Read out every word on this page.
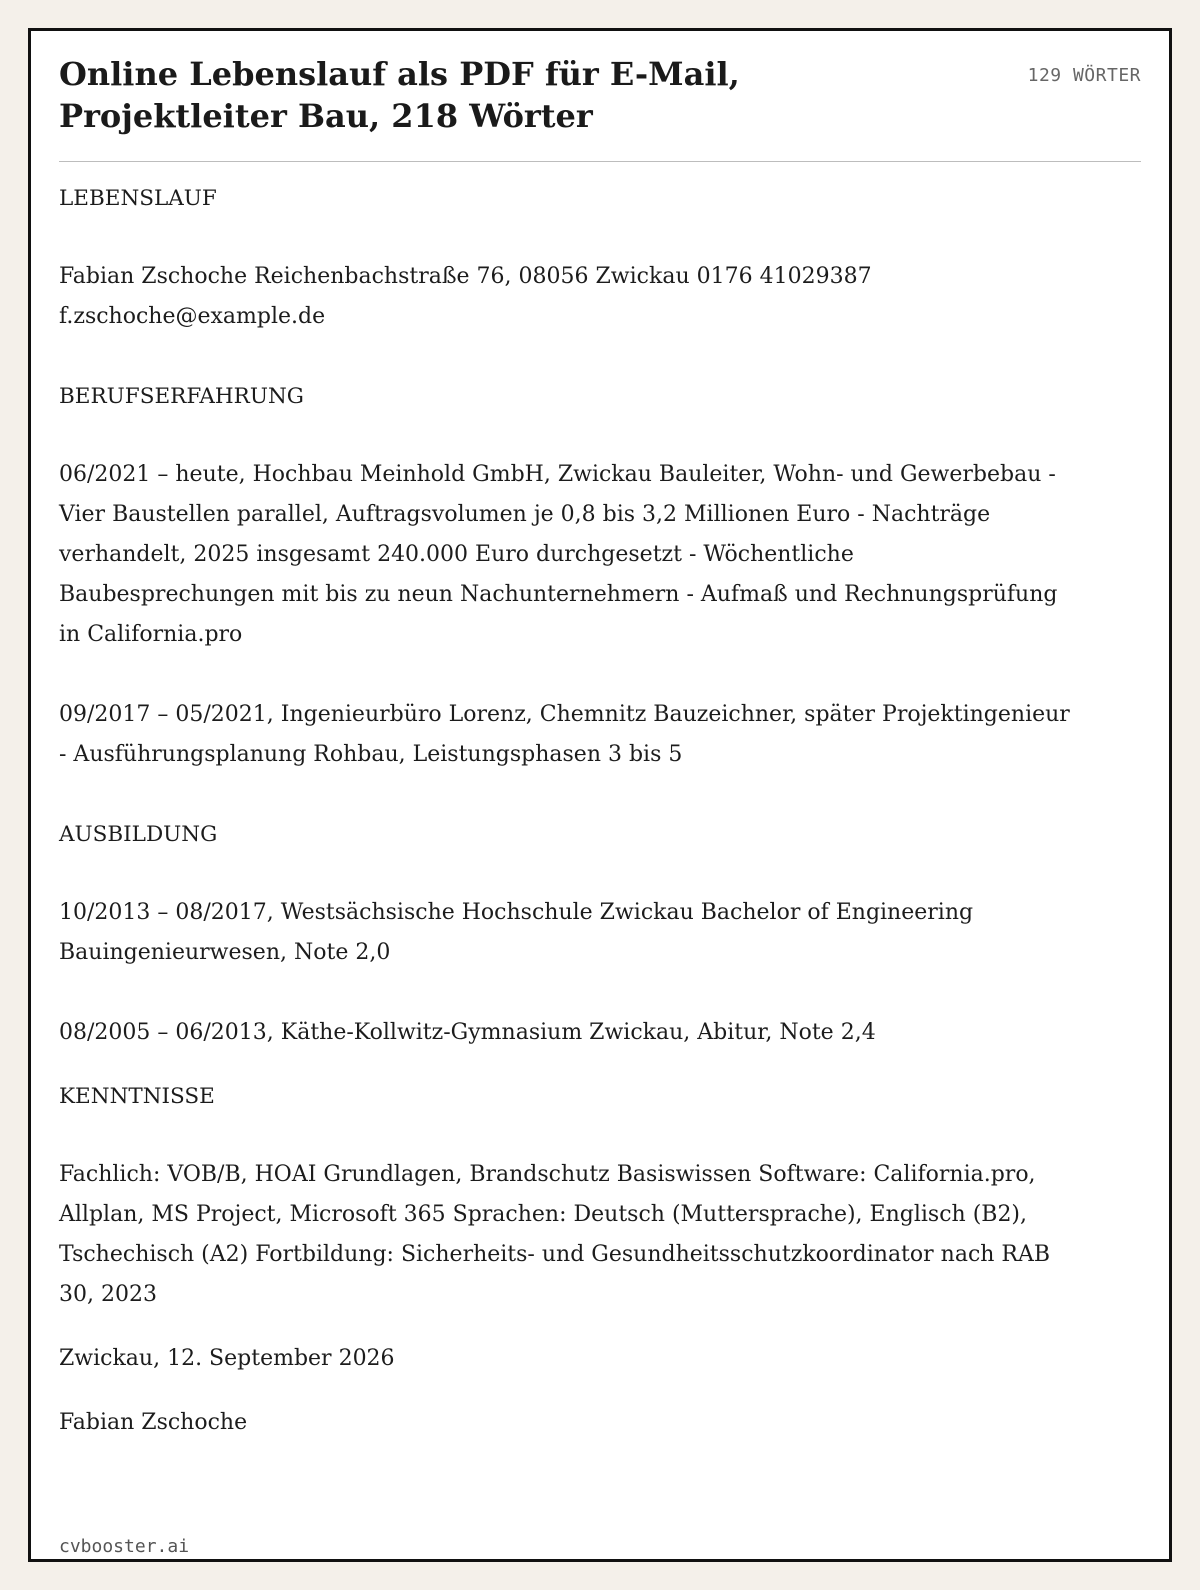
Online Lebenslauf als PDF für E-Mail, Projektleiter Bau, 218 Wörter
129 WÖRTER

LEBENSLAUF

Fabian Zschoche Reichenbachstraße 76, 08056 Zwickau 0176 41029387 f.zschoche@example.de

BERUFSERFAHRUNG

06/2021 – heute, Hochbau Meinhold GmbH, Zwickau Bauleiter, Wohn- und Gewerbebau - Vier Baustellen parallel, Auftragsvolumen je 0,8 bis 3,2 Millionen Euro - Nachträge verhandelt, 2025 insgesamt 240.000 Euro durchgesetzt - Wöchentliche Baubesprechungen mit bis zu neun Nachunternehmern - Aufmaß und Rechnungsprüfung in California.pro

09/2017 – 05/2021, Ingenieurbüro Lorenz, Chemnitz Bauzeichner, später Projektingenieur - Ausführungsplanung Rohbau, Leistungsphasen 3 bis 5

AUSBILDUNG

10/2013 – 08/2017, Westsächsische Hochschule Zwickau Bachelor of Engineering Bauingenieurwesen, Note 2,0

08/2005 – 06/2013, Käthe-Kollwitz-Gymnasium Zwickau, Abitur, Note 2,4

KENNTNISSE

Fachlich: VOB/B, HOAI Grundlagen, Brandschutz Basiswissen Software: California.pro, Allplan, MS Project, Microsoft 365 Sprachen: Deutsch (Muttersprache), Englisch (B2), Tschechisch (A2) Fortbildung: Sicherheits- und Gesundheitsschutzkoordinator nach RAB 30, 2023

Zwickau, 12. September 2026

Fabian Zschoche

cvbooster.ai
